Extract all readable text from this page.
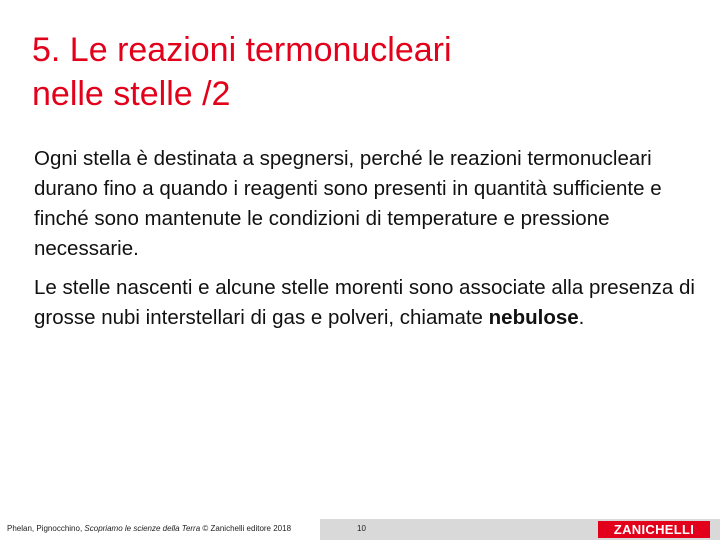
5. Le reazioni termonucleari
nelle stelle /2

Ogni stella è destinata a spegnersi, perché le reazioni termonucleari durano fino a quando i reagenti sono presenti in quantità sufficiente e finché sono mantenute le condizioni di temperature e pressione necessarie.

Le stelle nascenti e alcune stelle morenti sono associate alla presenza di grosse nubi interstellari di gas e polveri, chiamate nebulose.

Phelan, Pignocchino, Scopriamo le scienze della Terra © Zanichelli editore 2018	10	ZANICHELLI
